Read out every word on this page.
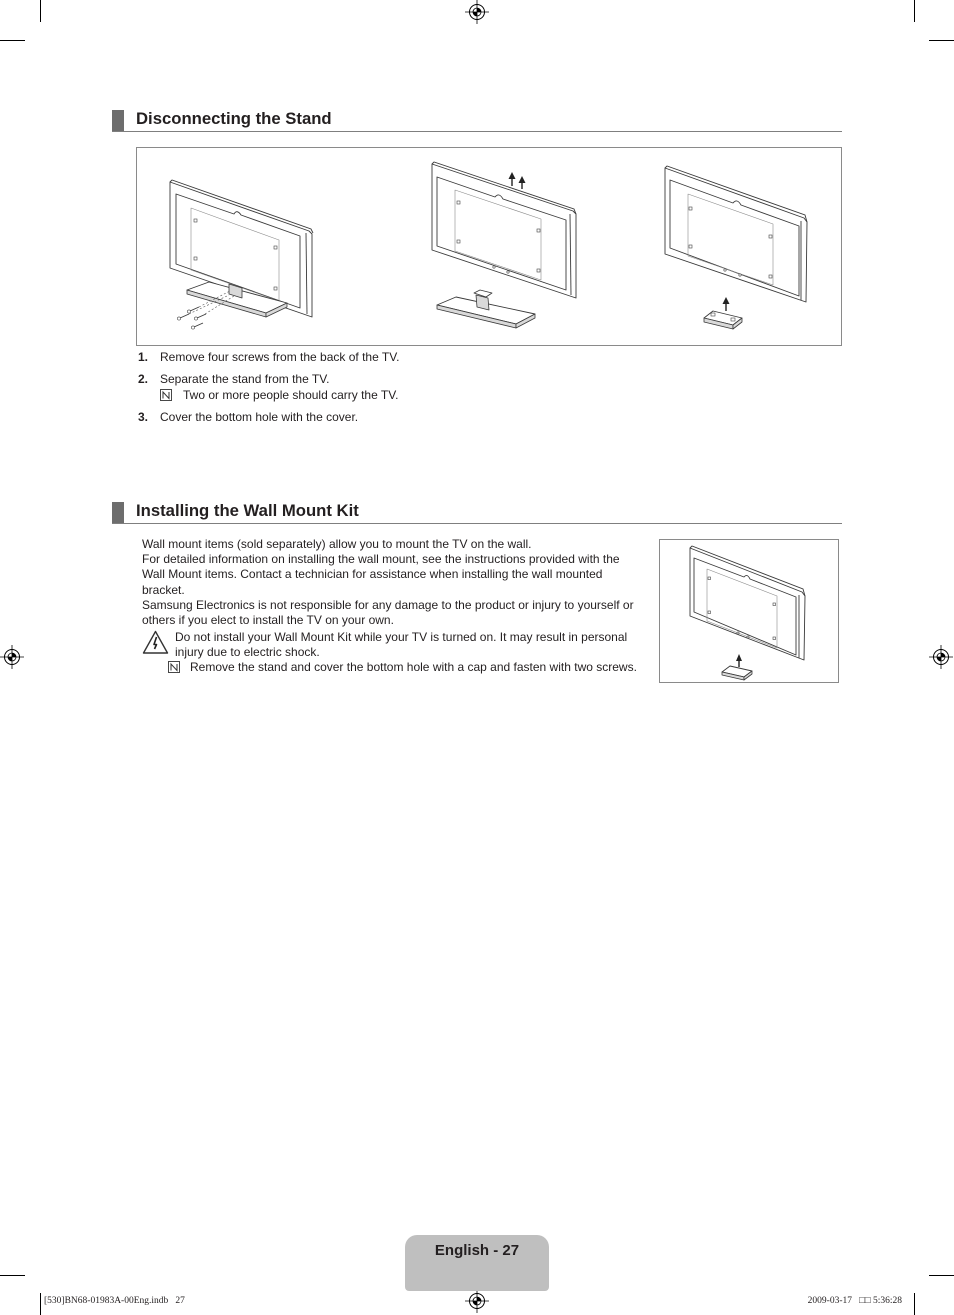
Disconnecting the Stand
1. Remove four screws from the back of the TV.
2. Separate the stand from the TV.
Two or more people should carry the TV.
3. Cover the bottom hole with the cover.
Installing the Wall Mount Kit
Wall mount items (sold separately) allow you to mount the TV on the wall.
For detailed information on installing the wall mount, see the instructions provided with the
Wall Mount items. Contact a technician for assistance when installing the wall mounted
bracket.
Samsung Electronics is not responsible for any damage to the product or injury to yourself or
others if you elect to install the TV on your own.
Do not install your Wall Mount Kit while your TV is turned on. It may result in personal
injury due to electric shock.
Remove the stand and cover the bottom hole with a cap and fasten with two screws.
English - 27
[530]BN68-01983A-00Eng.indb   27	2009-03-17   □□ 5:36:28
